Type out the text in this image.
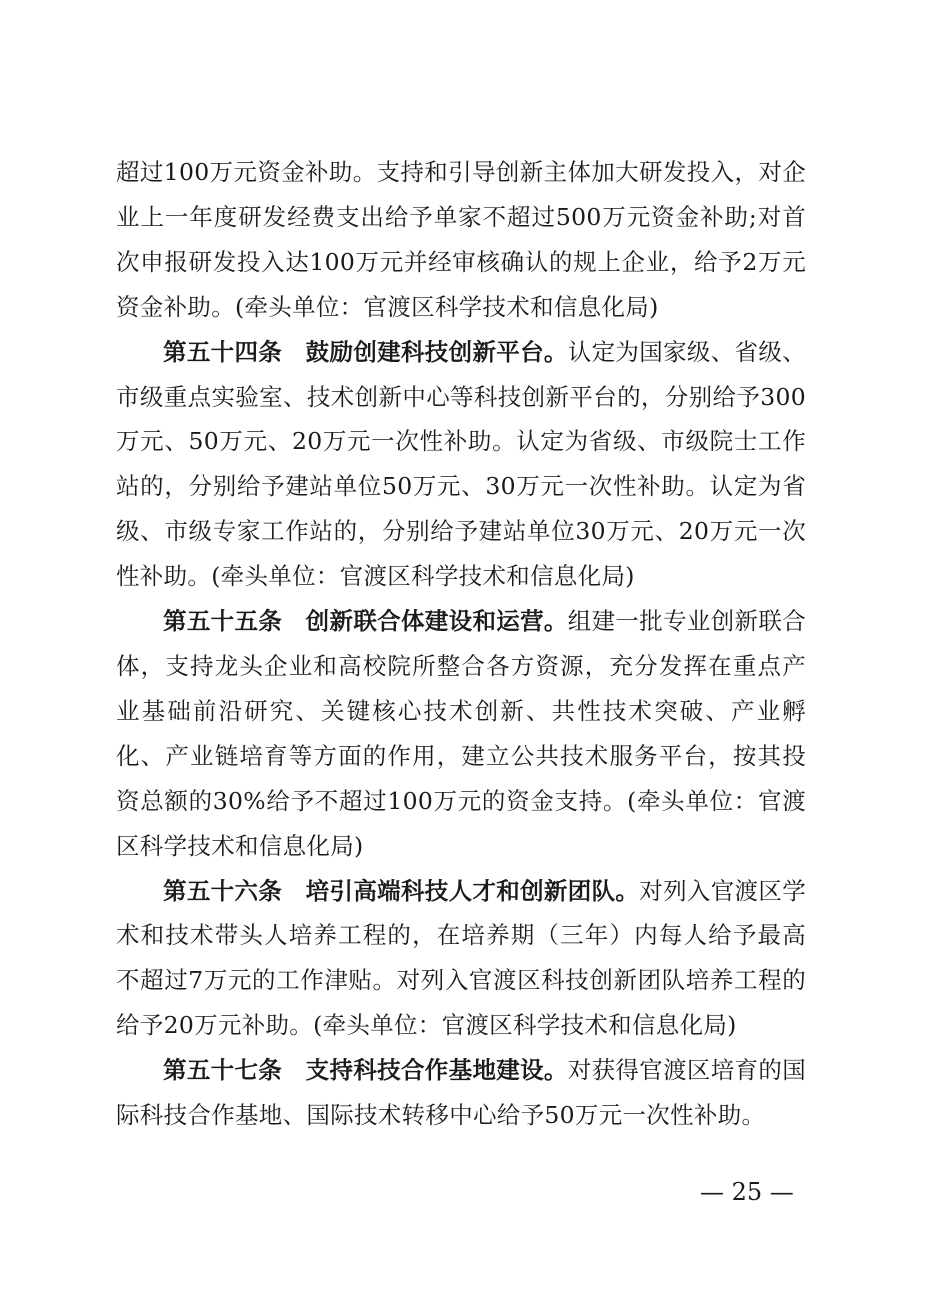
超过100万元资金补助。支持和引导创新主体加大研发投入，对企业上一年度研发经费支出给予单家不超过500万元资金补助;对首次申报研发投入达100万元并经审核确认的规上企业，给予2万元资金补助。(牵头单位：官渡区科学技术和信息化局)

第五十四条 鼓励创建科技创新平台。认定为国家级、省级、市级重点实验室、技术创新中心等科技创新平台的，分别给予300万元、50万元、20万元一次性补助。认定为省级、市级院士工作站的，分别给予建站单位50万元、30万元一次性补助。认定为省级、市级专家工作站的，分别给予建站单位30万元、20万元一次性补助。(牵头单位：官渡区科学技术和信息化局)

第五十五条 创新联合体建设和运营。组建一批专业创新联合体，支持龙头企业和高校院所整合各方资源，充分发挥在重点产业基础前沿研究、关键核心技术创新、共性技术突破、产业孵化、产业链培育等方面的作用，建立公共技术服务平台，按其投资总额的30%给予不超过100万元的资金支持。(牵头单位：官渡区科学技术和信息化局)

第五十六条 培引高端科技人才和创新团队。对列入官渡区学术和技术带头人培养工程的，在培养期（三年）内每人给予最高不超过7万元的工作津贴。对列入官渡区科技创新团队培养工程的给予20万元补助。(牵头单位：官渡区科学技术和信息化局)

第五十七条 支持科技合作基地建设。对获得官渡区培育的国际科技合作基地、国际技术转移中心给予50万元一次性补助。

— 25 —
